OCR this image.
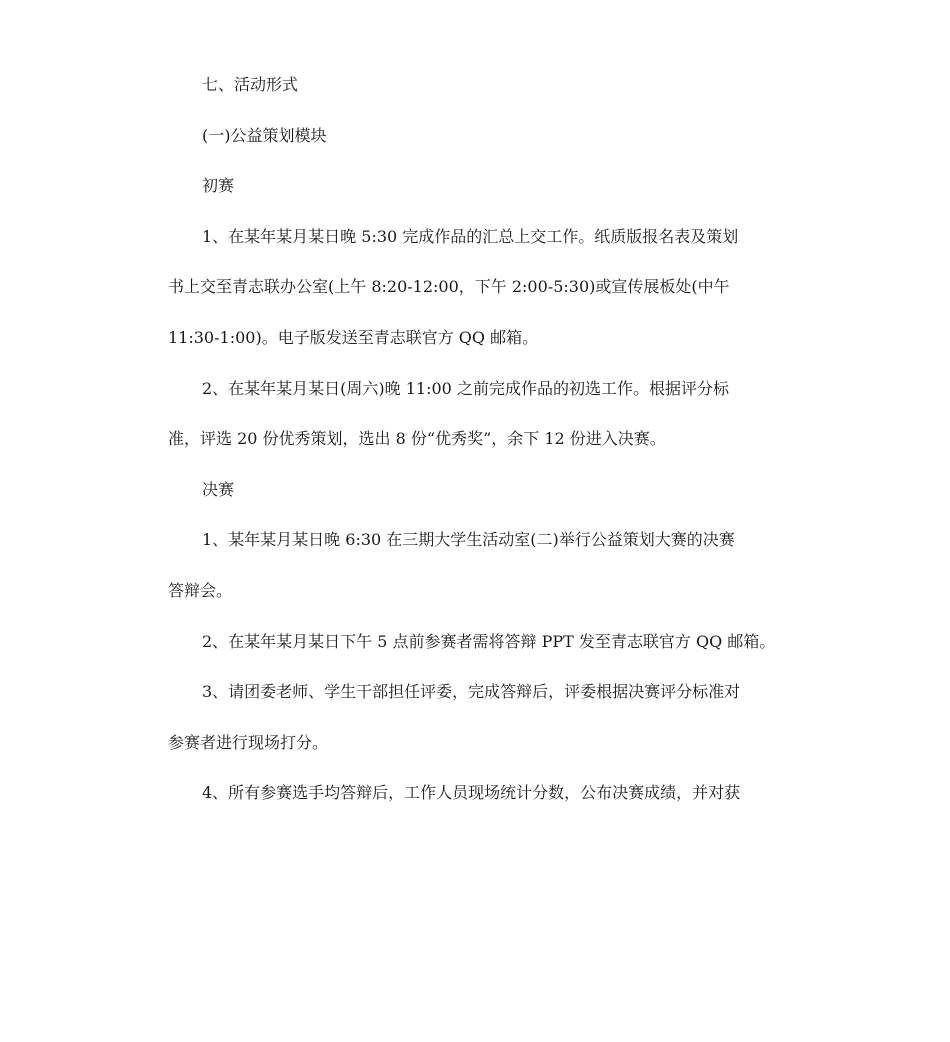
七、活动形式
(一)公益策划模块
初赛
1、在某年某月某日晚 5:30 完成作品的汇总上交工作。纸质版报名表及策划
书上交至青志联办公室(上午 8:20-12:00，下午 2:00-5:30)或宣传展板处(中午
11:30-1:00)。电子版发送至青志联官方 QQ 邮箱。
2、在某年某月某日(周六)晚 11:00 之前完成作品的初选工作。根据评分标
准，评选 20 份优秀策划，选出 8 份“优秀奖”，余下 12 份进入决赛。
决赛
1、某年某月某日晚 6:30 在三期大学生活动室(二)举行公益策划大赛的决赛
答辩会。
2、在某年某月某日下午 5 点前参赛者需将答辩 PPT 发至青志联官方 QQ 邮箱。
3、请团委老师、学生干部担任评委，完成答辩后，评委根据决赛评分标准对
参赛者进行现场打分。
4、所有参赛选手均答辩后，工作人员现场统计分数，公布决赛成绩，并对获
